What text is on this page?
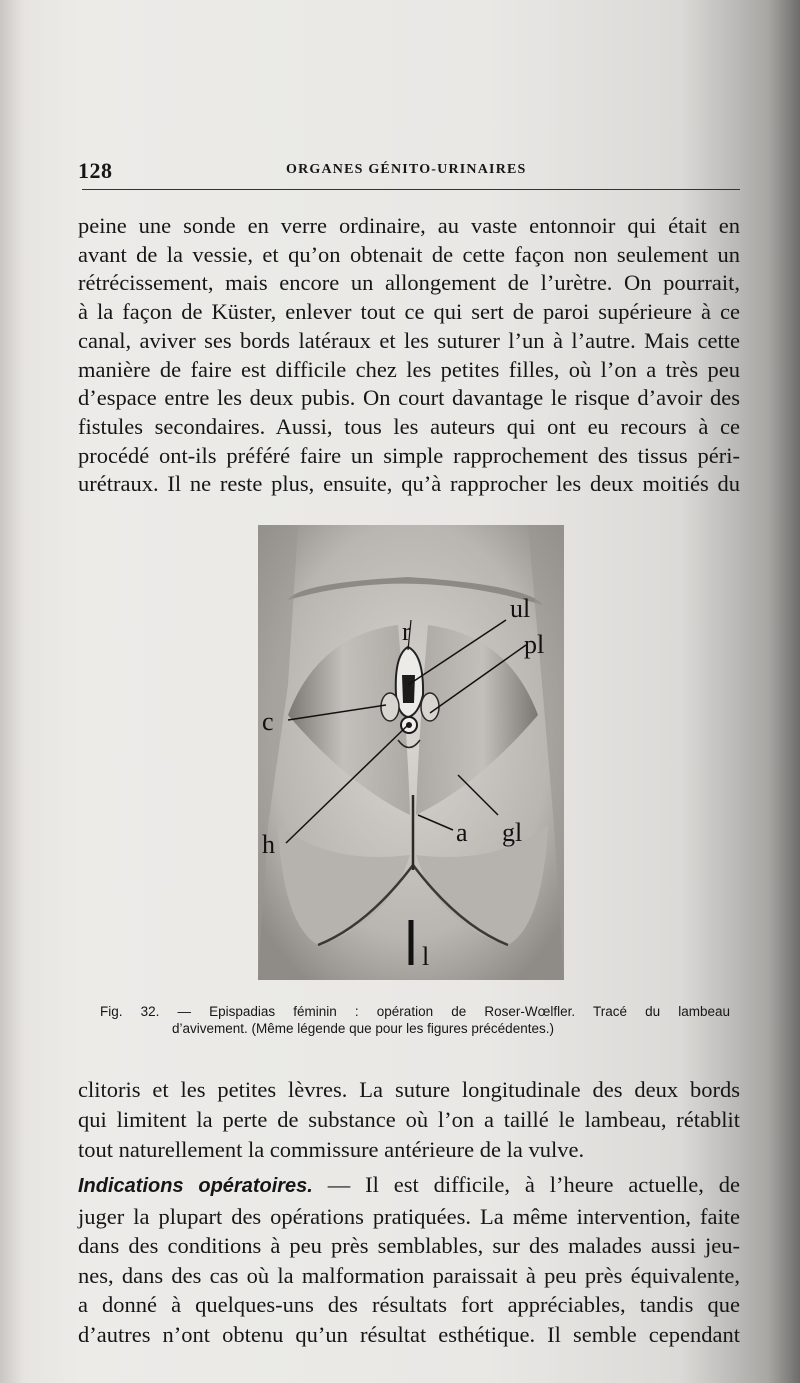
128	ORGANES GÉNITO-URINAIRES

peine une sonde en verre ordinaire, au vaste entonnoir qui était en
avant de la vessie, et qu’on obtenait de cette façon non seulement un
rétrécissement, mais encore un allongement de l’urètre. On pourrait,
à la façon de Küster, enlever tout ce qui sert de paroi supérieure à ce
canal, aviver ses bords latéraux et les suturer l’un à l’autre. Mais cette
manière de faire est difficile chez les petites filles, où l’on a très peu
d’espace entre les deux pubis. On court davantage le risque d’avoir des
fistules secondaires. Aussi, tous les auteurs qui ont eu recours à ce
procédé ont-ils préféré faire un simple rapprochement des tissus péri-
urétraux. Il ne reste plus, ensuite, qu’à rapprocher les deux moitiés du

r
ul
pl
c
h	a gl
l
Fig. 32. — Epispadias féminin : opération de Roser-Wœlfler. Tracé du lambeau
d’avivement. (Même légende que pour les figures précédentes.)

clitoris et les petites lèvres. La suture longitudinale des deux bords
qui limitent la perte de substance où l’on a taillé le lambeau, rétablit
tout naturellement la commissure antérieure de la vulve.

Indications opératoires. — Il est difficile, à l’heure actuelle, de
juger la plupart des opérations pratiquées. La même intervention, faite
dans des conditions à peu près semblables, sur des malades aussi jeu-
nes, dans des cas où la malformation paraissait à peu près équivalente,
a donné à quelques-uns des résultats fort appréciables, tandis que
d’autres n’ont obtenu qu’un résultat esthétique. Il semble cependant
